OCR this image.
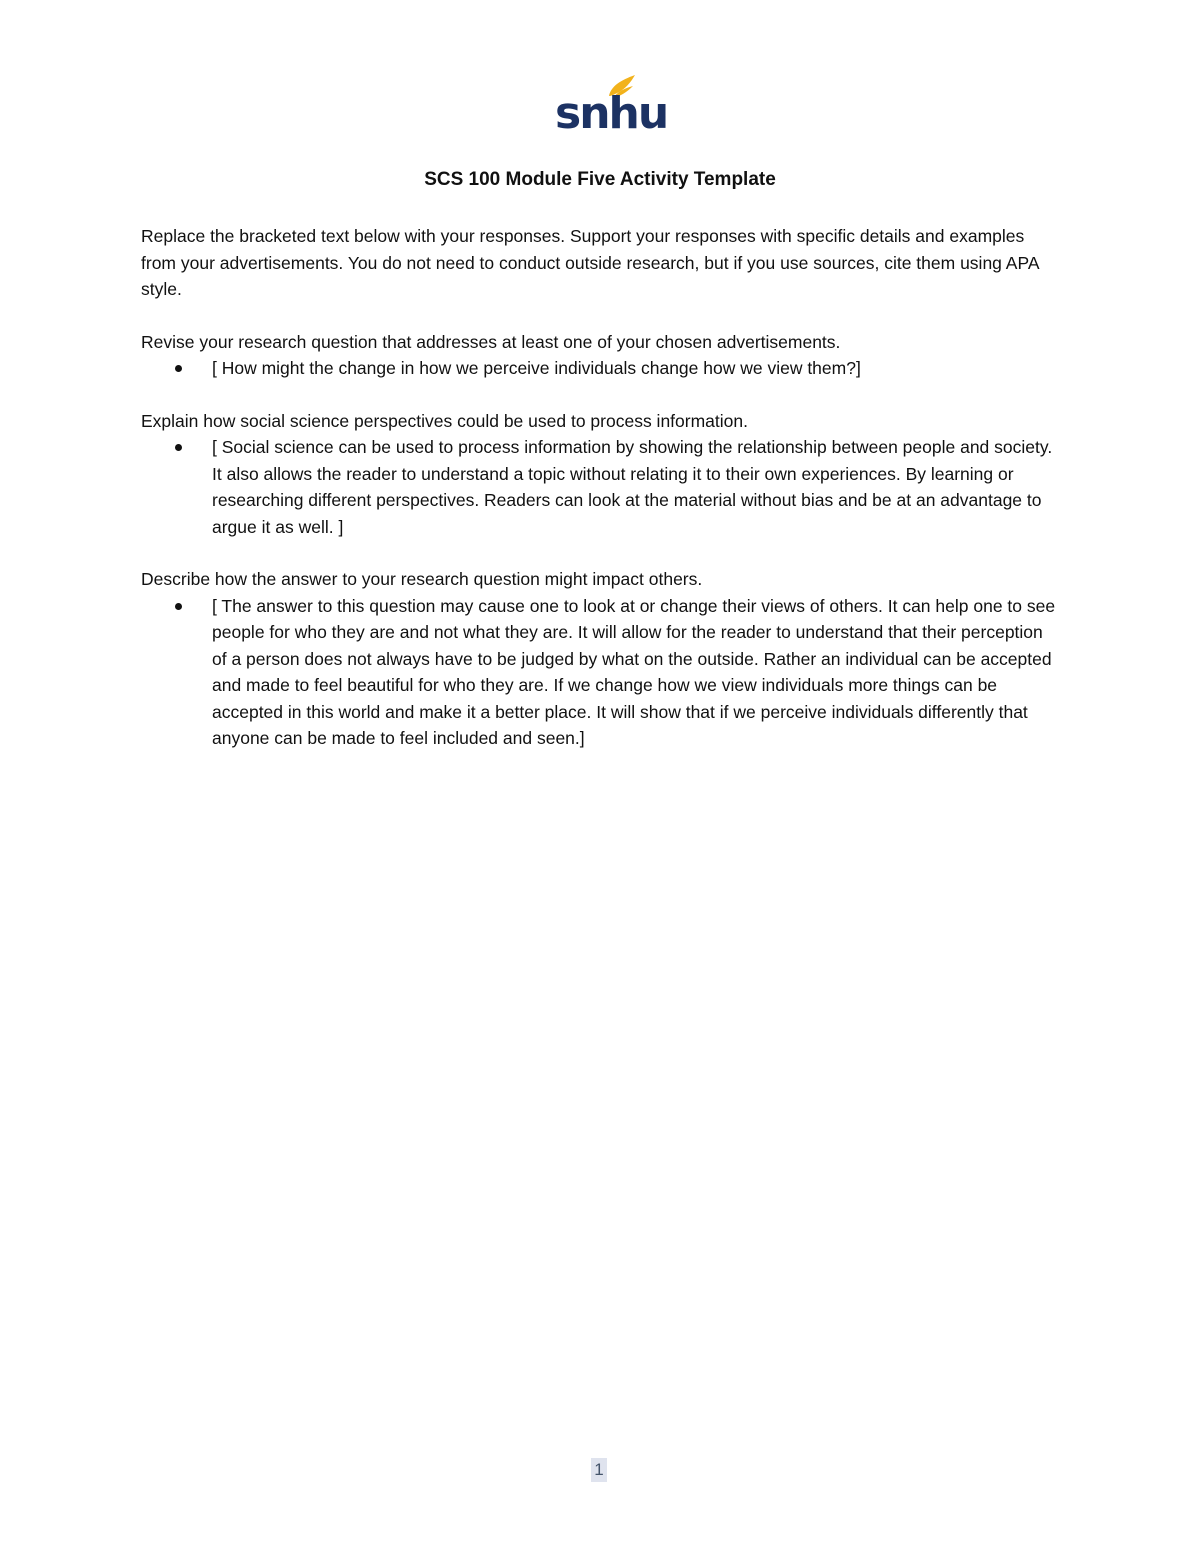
snhu
SCS 100 Module Five Activity Template

Replace the bracketed text below with your responses. Support your responses with specific details and examples from your advertisements. You do not need to conduct outside research, but if you use sources, cite them using APA style.

Revise your research question that addresses at least one of your chosen advertisements.

[ How might the change in how we perceive individuals change how we view them?]

Explain how social science perspectives could be used to process information.

[ Social science can be used to process information by showing the relationship between people and society. It also allows the reader to understand a topic without relating it to their own experiences. By learning or researching different perspectives. Readers can look at the material without bias and be at an advantage to argue it as well. ]

Describe how the answer to your research question might impact others.

[ The answer to this question may cause one to look at or change their views of others. It can help one to see people for who they are and not what they are. It will allow for the reader to understand that their perception of a person does not always have to be judged by what on the outside. Rather an individual can be accepted and made to feel beautiful for who they are. If we change how we view individuals more things can be accepted in this world and make it a better place. It will show that if we perceive individuals differently that anyone can be made to feel included and seen.]
1
